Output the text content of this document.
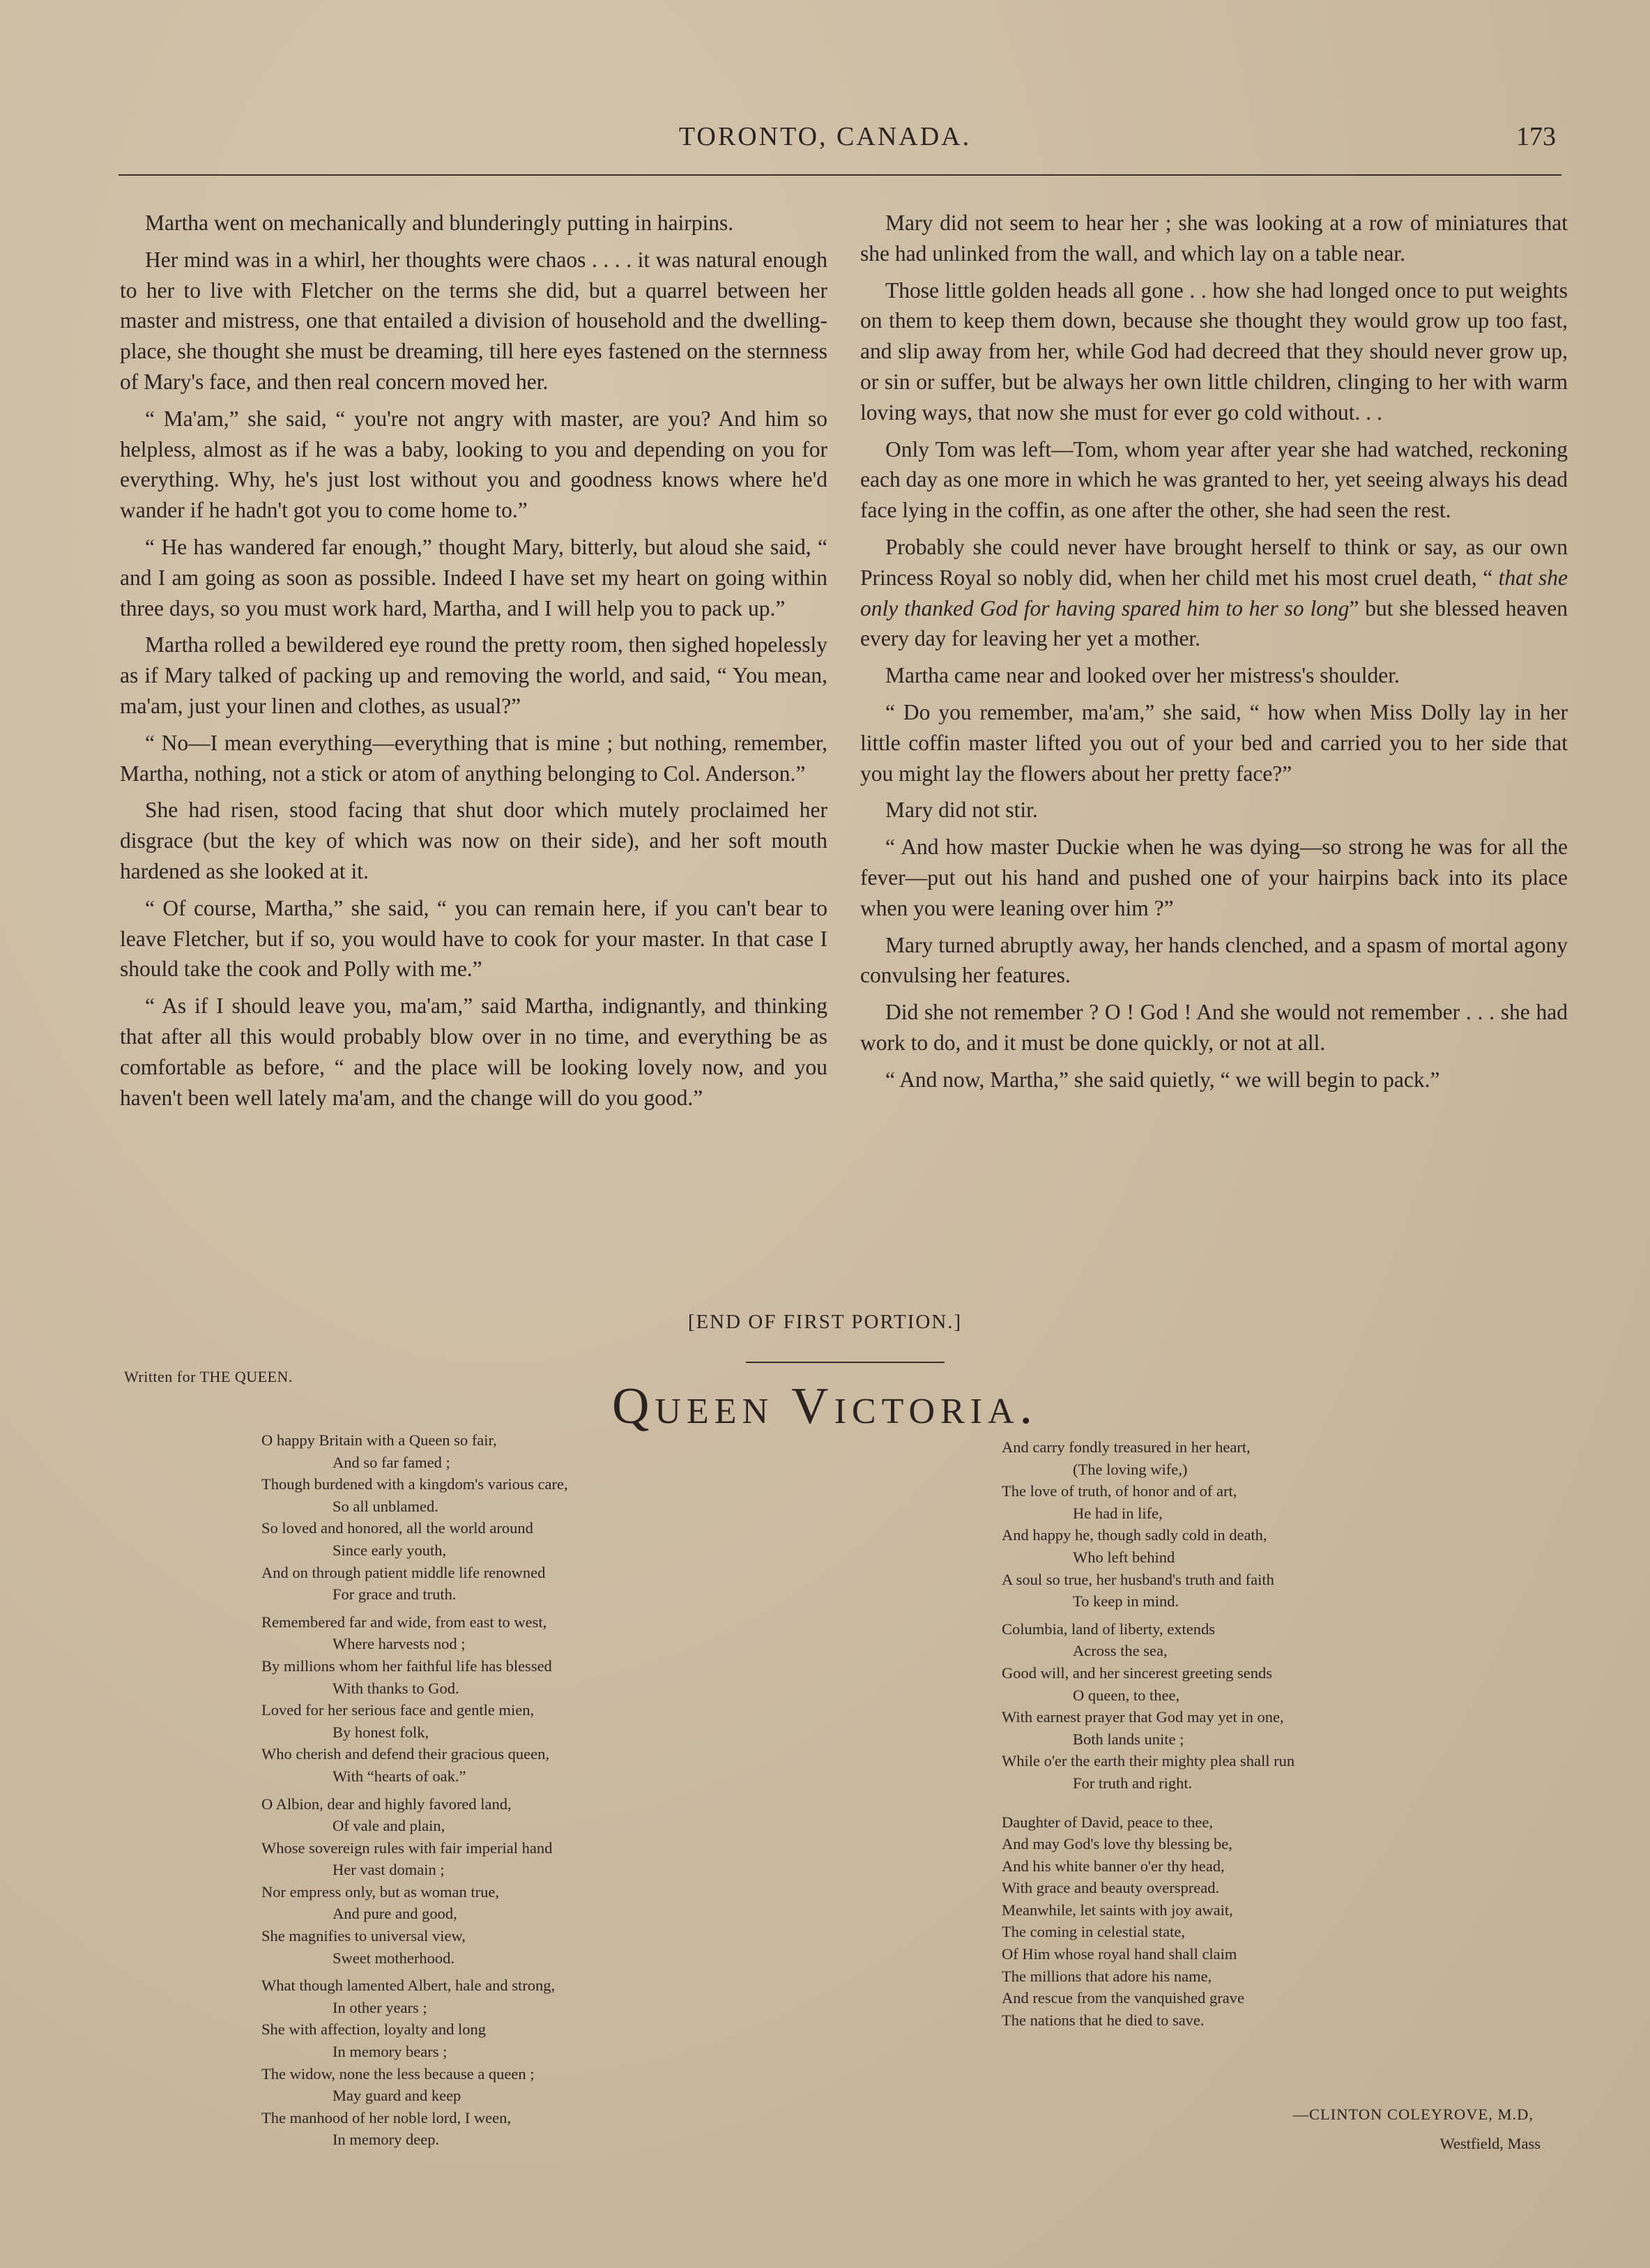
TORONTO, CANADA.	173

Martha went on mechanically and blunderingly putting in hairpins.

Her mind was in a whirl, her thoughts were chaos . . . . it was natural enough to her to live with Fletcher on the terms she did, but a quarrel between her master and mistress, one that entailed a division of household and the dwelling-place, she thought she must be dreaming, till here eyes fastened on the sternness of Mary's face, and then real concern moved her.

“ Ma'am,” she said, “ you're not angry with master, are you? And him so helpless, almost as if he was a baby, looking to you and depending on you for everything. Why, he's just lost without you and goodness knows where he'd wander if he hadn't got you to come home to.”

“ He has wandered far enough,” thought Mary, bitterly, but aloud she said, “ and I am going as soon as possible. Indeed I have set my heart on going within three days, so you must work hard, Martha, and I will help you to pack up.”

Martha rolled a bewildered eye round the pretty room, then sighed hopelessly as if Mary talked of packing up and removing the world, and said, “ You mean, ma'am, just your linen and clothes, as usual?”

“ No—I mean everything—everything that is mine ; but nothing, remember, Martha, nothing, not a stick or atom of anything belonging to Col. Anderson.”

She had risen, stood facing that shut door which mutely proclaimed her disgrace (but the key of which was now on their side), and her soft mouth hardened as she looked at it.

“ Of course, Martha,” she said, “ you can remain here, if you can't bear to leave Fletcher, but if so, you would have to cook for your master. In that case I should take the cook and Polly with me.”

“ As if I should leave you, ma'am,” said Martha, indignantly, and thinking that after all this would probably blow over in no time, and everything be as comfortable as before, “ and the place will be looking lovely now, and you haven't been well lately ma'am, and the change will do you good.”

Mary did not seem to hear her ; she was looking at a row of miniatures that she had unlinked from the wall, and which lay on a table near.

Those little golden heads all gone . . how she had longed once to put weights on them to keep them down, because she thought they would grow up too fast, and slip away from her, while God had decreed that they should never grow up, or sin or suffer, but be always her own little children, clinging to her with warm loving ways, that now she must for ever go cold without. . .

Only Tom was left—Tom, whom year after year she had watched, reckoning each day as one more in which he was granted to her, yet seeing always his dead face lying in the coffin, as one after the other, she had seen the rest.

Probably she could never have brought herself to think or say, as our own Princess Royal so nobly did, when her child met his most cruel death, “ that she only thanked God for having spared him to her so long” but she blessed heaven every day for leaving her yet a mother.

Martha came near and looked over her mistress's shoulder.

“ Do you remember, ma'am,” she said, “ how when Miss Dolly lay in her little coffin master lifted you out of your bed and carried you to her side that you might lay the flowers about her pretty face?”

Mary did not stir.

“ And how master Duckie when he was dying—so strong he was for all the fever—put out his hand and pushed one of your hairpins back into its place when you were leaning over him ?”

Mary turned abruptly away, her hands clenched, and a spasm of mortal agony convulsing her features.

Did she not remember ? O ! God ! And she would not remember . . . she had work to do, and it must be done quickly, or not at all.

“ And now, Martha,” she said quietly, “ we will begin to pack.”

[END OF FIRST PORTION.]
Written for THE QUEEN.
Queen Victoria.
O happy Britain with a Queen so fair,
And so far famed ;
Though burdened with a kingdom's various care,
So all unblamed.
So loved and honored, all the world around
Since early youth,
And on through patient middle life renowned
For grace and truth.
Remembered far and wide, from east to west,
Where harvests nod ;
By millions whom her faithful life has blessed
With thanks to God.
Loved for her serious face and gentle mien,
By honest folk,
Who cherish and defend their gracious queen,
With “hearts of oak.”
O Albion, dear and highly favored land,
Of vale and plain,
Whose sovereign rules with fair imperial hand
Her vast domain ;
Nor empress only, but as woman true,
And pure and good,
She magnifies to universal view,
Sweet motherhood.
What though lamented Albert, hale and strong,
In other years ;
She with affection, loyalty and long
In memory bears ;
The widow, none the less because a queen ;
May guard and keep
The manhood of her noble lord, I ween,
In memory deep.
And carry fondly treasured in her heart,
(The loving wife,)
The love of truth, of honor and of art,
He had in life,
And happy he, though sadly cold in death,
Who left behind
A soul so true, her husband's truth and faith
To keep in mind.
Columbia, land of liberty, extends
Across the sea,
Good will, and her sincerest greeting sends
O queen, to thee,
With earnest prayer that God may yet in one,
Both lands unite ;
While o'er the earth their mighty plea shall run
For truth and right.
Daughter of David, peace to thee,
And may God's love thy blessing be,
And his white banner o'er thy head,
With grace and beauty overspread.
Meanwhile, let saints with joy await,
The coming in celestial state,
Of Him whose royal hand shall claim
The millions that adore his name,
And rescue from the vanquished grave
The nations that he died to save.
—CLINTON COLEYROVE, M.D,
Westfield, Mass
